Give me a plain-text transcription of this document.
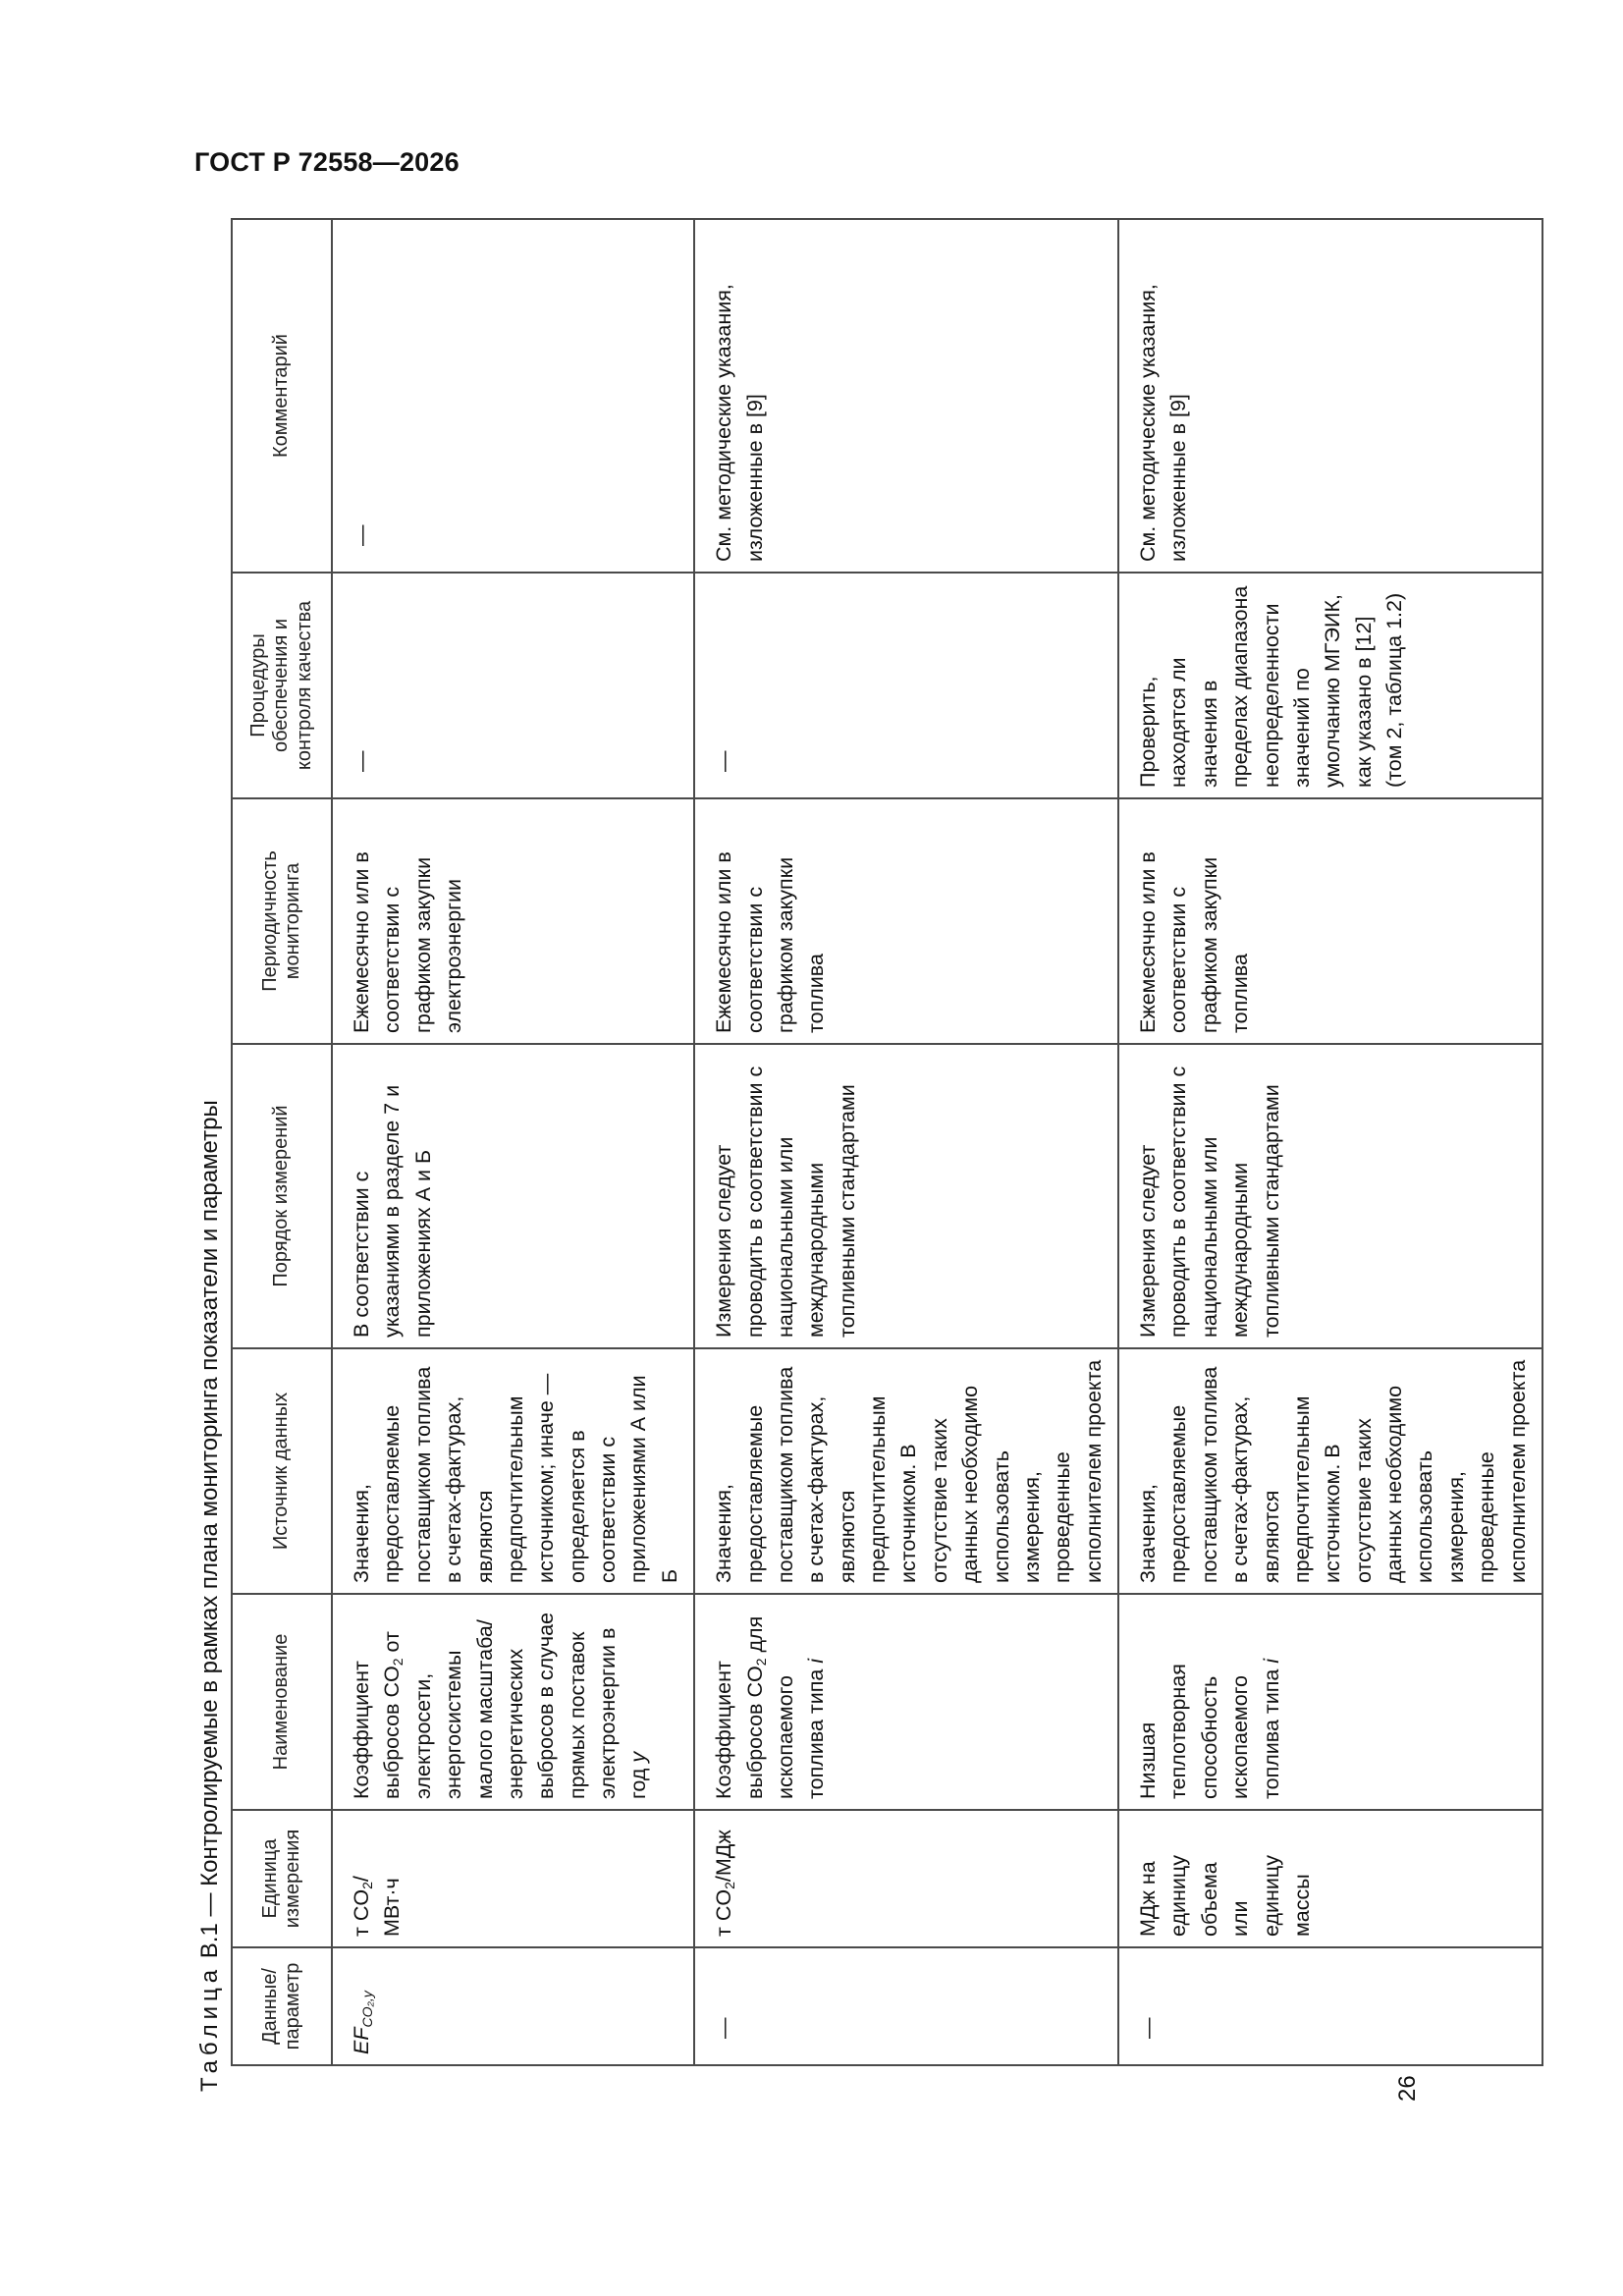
ГОСТ Р 72558—2026
Таблица В.1 — Контролируемые в рамках плана мониторинга показатели и параметры
26
Данные/ параметр	Единица измерения	Наименование	Источник данных	Порядок измерений	Периодичность мониторинга	Процедуры обеспечения и контроля качества	Комментарий
$EF_{CO_2,y}$	т $CO_2/МВт\cdot ч$	Коэффициент выбросов $CO_2$ от электросети, энергосистемы малого масштаба/энергетических выбросов в случае прямых поставок электроэнергии в год y	Значения, предоставляемые поставщиком топлива в счетах-фактурах, являются предпочтительным источником; иначе — определяется в соответствии с приложениями А или Б	В соответствии с указаниями в разделе 7 и приложениях А и Б	Ежемесячно или в соответствии с графиком закупки электроэнергии	—	—
—	т $CO_2$/МДж	Коэффициент выбросов $CO_2$ для ископаемого топлива типа i	Значения, предоставляемые поставщиком топлива в счетах-фактурах, являются предпочтительным источником. В отсутствие таких данных необходимо использовать измерения, проведенные исполнителем проекта	Измерения следует проводить в соответствии с национальными или международными топливными стандартами	Ежемесячно или в соответствии с графиком закупки топлива	—	См. методические указания, изложенные в [9]
—	МДж на единицу объема или единицу массы	Низшая теплотворная способность ископаемого топлива типа i	Значения, предоставляемые поставщиком топлива в счетах-фактурах, являются предпочтительным источником. В отсутствие таких данных необходимо использовать измерения, проведенные исполнителем проекта	Измерения следует проводить в соответствии с национальными или международными топливными стандартами	Ежемесячно или в соответствии с графиком закупки топлива	Проверить, находятся ли значения в пределах диапазона неопределенности значений по умолчанию МГЭИК, как указано в [12] (том 2, таблица 1.2)	См. методические указания, изложенные в [9]
